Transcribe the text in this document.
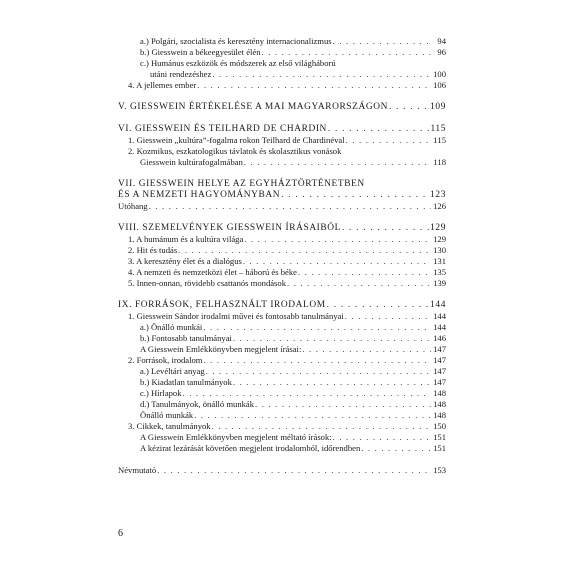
a.) Polgári, szocialista és keresztény internacionalizmus . . .	94
b.) Giesswein a békeegyesület élén . . .	96
c.) Humánus eszközök és módszerek az első világháború
utáni rendezéshez . . .	100
4. A jellemes ember . . .	106
V. GIESSWEIN ÉRTÉKELÉSE A MAI MAGYARORSZÁGON . . .	109
VI. GIESSWEIN ÉS TEILHARD DE CHARDIN . . .	115
1. Giesswein „kultúra”-fogalma rokon Teilhard de Chardinéval . . .	115
2. Kozmikus, eszkatologikus távlatok és skolasztikus vonások
Giesswein kultúrafogalmában . . .	118
VII. GIESSWEIN HELYE AZ EGYHÁZTÖRTÉNETBEN
ÉS A NEMZETI HAGYOMÁNYBAN . . .	123
Utóhang . . .	126
VIII. SZEMELVÉNYEK GIESSWEIN ÍRÁSAIBÓL . . .	129
1. A humánum és a kultúra világa . . .	129
2. Hit és tudás . . .	130
3. A keresztény élet és a dialógus . . .	131
4. A nemzeti és nemzetközi élet – háború és béke . . .	135
5. Innen-onnan, rövidebb csattanós mondások . . .	139
IX. FORRÁSOK, FELHASZNÁLT IRODALOM . . .	144
1. Giesswein Sándor irodalmi művei és fontosabb tanulmányai . . .	144
a.) Önálló munkái . . .	144
b.) Fontosabb tanulmányai . . .	146
A Giesswein Emlékkönyvben megjelent írásai: . . .	147
2. Források, irodalom . . .	147
a.) Levéltári anyag . . .	147
b.) Kiadatlan tanulmányok . . .	147
c.) Hírlapok . . .	148
d.) Tanulmányok, önálló munkák . . .	148
Önálló munkák . . .	148
3. Cikkek, tanulmányok . . .	150
A Giesswein Emlékkönyvben megjelent méltató írások: . . .	151
A kézirat lezárását követően megjelent irodalomból, időrendben . . .	151
Névmutató . . .	153
6
